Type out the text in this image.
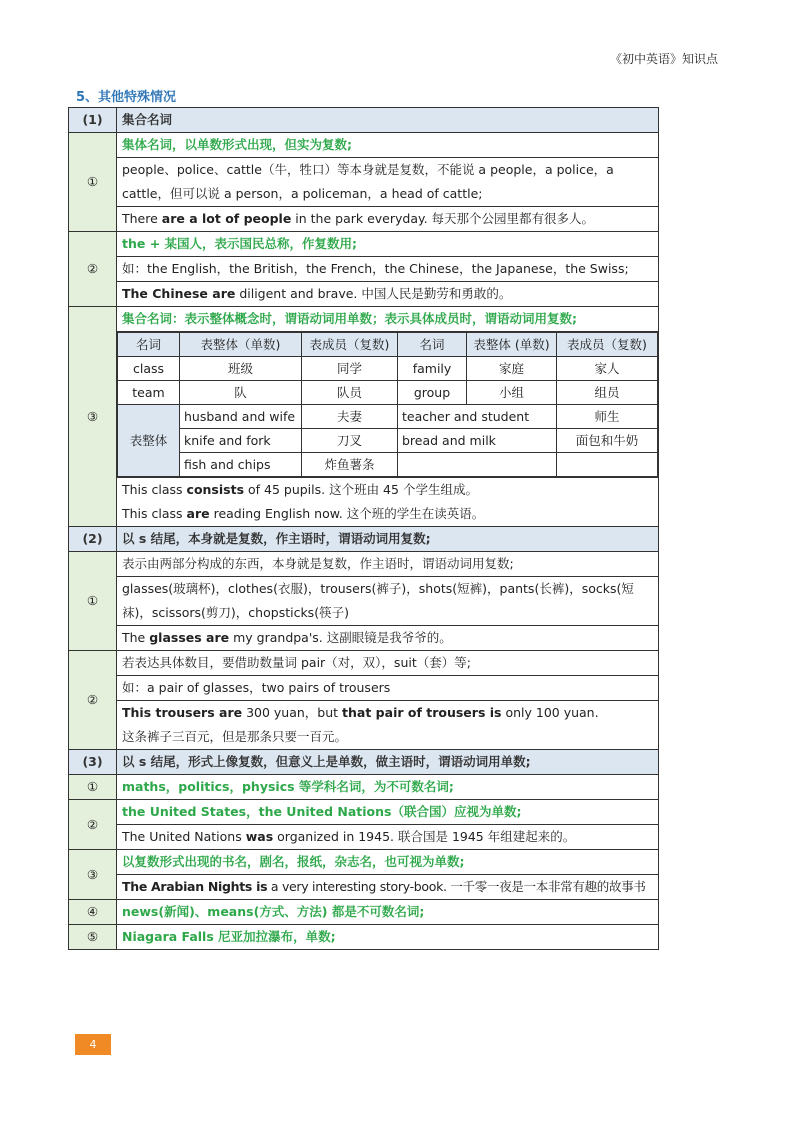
《初中英语》知识点
5、其他特殊情况
(1)	集合名词
①	集体名词，以单数形式出现，但实为复数;
people、police、cattle（牛，牲口）等本身就是复数，不能说 a people，a police，a cattle，但可以说 a person，a policeman，a head of cattle;
There are a lot of people in the park everyday. 每天那个公园里都有很多人。
②	the + 某国人，表示国民总称，作复数用;
如：the English，the British，the French，the Chinese，the Japanese，the Swiss;
The Chinese are diligent and brave. 中国人民是勤劳和勇敢的。
③	集合名词：表示整体概念时，谓语动词用单数；表示具体成员时，谓语动词用复数;

名词	表整体（单数)	表成员（复数)	名词	表整体 (单数)	表成员（复数)
class	班级	同学	family	家庭	家人
team	队	队员	group	小组	组员
表整体	husband and wife	夫妻	teacher and student	师生
knife and fork	刀叉	bread and milk	面包和牛奶
fish and chips	炸鱼薯条		

This class consists of 45 pupils. 这个班由 45 个学生组成。
This class are reading English now. 这个班的学生在读英语。

(2)	以 s 结尾，本身就是复数，作主语时，谓语动词用复数;
①	表示由两部分构成的东西，本身就是复数，作主语时，谓语动词用复数;
glasses(玻璃杯)，clothes(衣服)，trousers(裤子)，shots(短裤)，pants(长裤)，socks(短袜)，scissors(剪刀)，chopsticks(筷子)
The glasses are my grandpa's. 这副眼镜是我爷爷的。
②	若表达具体数目，要借助数量词 pair（对，双），suit（套）等;
如：a pair of glasses，two pairs of trousers

This trousers are 300 yuan，but that pair of trousers is only 100 yuan.
这条裤子三百元，但是那条只要一百元。

(3)	以 s 结尾，形式上像复数，但意义上是单数，做主语时，谓语动词用单数;
①	maths，politics，physics 等学科名词，为不可数名词;
②	the United States，the United Nations（联合国）应视为单数;
The United Nations was organized in 1945. 联合国是 1945 年组建起来的。
③	以复数形式出现的书名，剧名，报纸，杂志名，也可视为单数;
The Arabian Nights is a very interesting story-book. 一千零一夜是一本非常有趣的故事书
④	news(新闻)、means(方式、方法) 都是不可数名词;
⑤	Niagara Falls 尼亚加拉瀑布，单数;
4
